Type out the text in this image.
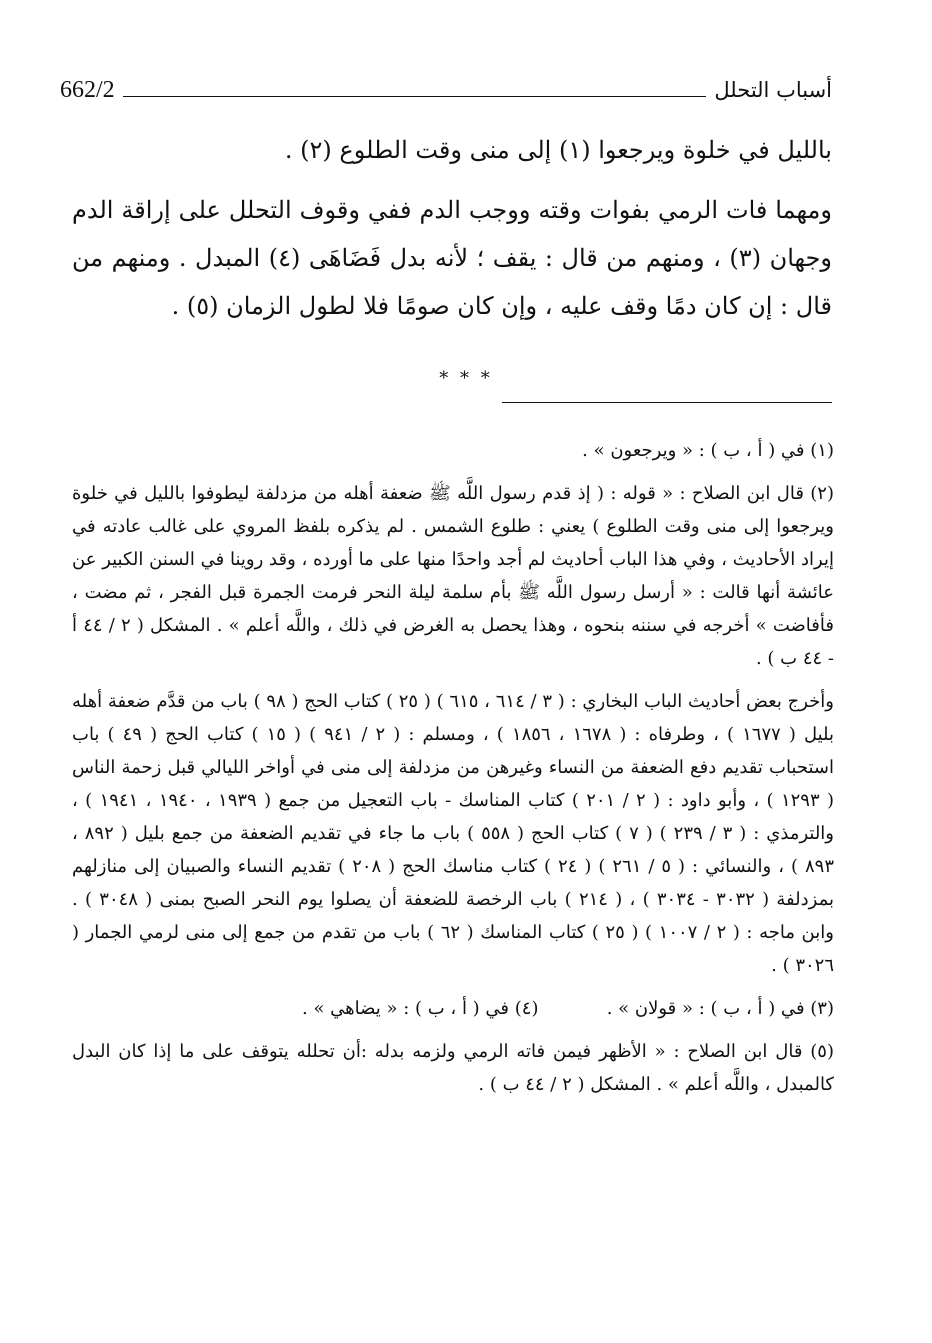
أسباب التحلل
662/2

بالليل في خلوة ويرجعوا (١) إلى منى وقت الطلوع (٢) .

ومهما فات الرمي بفوات وقته ووجب الدم ففي وقوف التحلل على إراقة الدم وجهان (٣) ، ومنهم من قال : يقف ؛ لأنه بدل فَضَاهَى (٤) المبدل . ومنهم من قال : إن كان دمًا وقف عليه ، وإن كان صومًا فلا لطول الزمان (٥) .

* * *

(١) في ( أ ، ب ) : « ويرجعون » .

(٢) قال ابن الصلاح : « قوله : ( إذ قدم رسول اللَّه ﷺ ضعفة أهله من مزدلفة ليطوفوا بالليل في خلوة ويرجعوا إلى منى وقت الطلوع ) يعني : طلوع الشمس . لم يذكره بلفظ المروي على غالب عادته في إيراد الأحاديث ، وفي هذا الباب أحاديث لم أجد واحدًا منها على ما أورده ، وقد روينا في السنن الكبير عن عائشة أنها قالت : « أرسل رسول اللَّه ﷺ بأم سلمة ليلة النحر فرمت الجمرة قبل الفجر ، ثم مضت ، فأفاضت » أخرجه في سننه بنحوه ، وهذا يحصل به الغرض في ذلك ، واللَّه أعلم » . المشكل ( ٢ / ٤٤ أ - ٤٤ ب ) .

وأخرج بعض أحاديث الباب البخاري : ( ٣ / ٦١٤ ، ٦١٥ ) ( ٢٥ ) كتاب الحج ( ٩٨ ) باب من قدَّم ضعفة أهله بليل ( ١٦٧٧ ) ، وطرفاه : ( ١٦٧٨ ، ١٨٥٦ ) ، ومسلم : ( ٢ / ٩٤١ ) ( ١٥ ) كتاب الحج ( ٤٩ ) باب استحباب تقديم دفع الضعفة من النساء وغيرهن من مزدلفة إلى منى في أواخر الليالي قبل زحمة الناس ( ١٢٩٣ ) ، وأبو داود : ( ٢ / ٢٠١ ) كتاب المناسك - باب التعجيل من جمع ( ١٩٣٩ ، ١٩٤٠ ، ١٩٤١ ) ، والترمذي : ( ٣ / ٢٣٩ ) ( ٧ ) كتاب الحج ( ٥٥٨ ) باب ما جاء في تقديم الضعفة من جمع بليل ( ٨٩٢ ، ٨٩٣ ) ، والنسائي : ( ٥ / ٢٦١ ) ( ٢٤ ) كتاب مناسك الحج ( ٢٠٨ ) تقديم النساء والصبيان إلى منازلهم بمزدلفة ( ٣٠٣٢ - ٣٠٣٤ ) ، ( ٢١٤ ) باب الرخصة للضعفة أن يصلوا يوم النحر الصبح بمنى ( ٣٠٤٨ ) . وابن ماجه : ( ٢ / ١٠٠٧ ) ( ٢٥ ) كتاب المناسك ( ٦٢ ) باب من تقدم من جمع إلى منى لرمي الجمار ( ٣٠٢٦ ) .

(٣) في ( أ ، ب ) : « قولان » .
(٤) في ( أ ، ب ) : « يضاهي » .

(٥) قال ابن الصلاح : « الأظهر فيمن فاته الرمي ولزمه بدله :أن تحلله يتوقف على ما إذا كان البدل كالمبدل ، واللَّه أعلم » . المشكل ( ٢ / ٤٤ ب ) .
